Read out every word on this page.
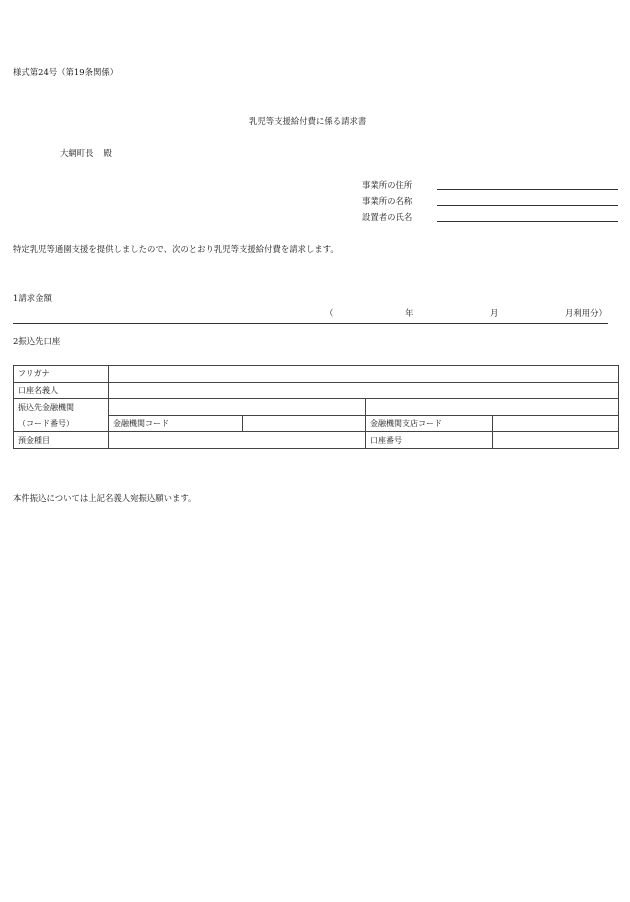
様式第24号（第19条関係）
乳児等支援給付費に係る請求書
大網町長 殿
事業所の住所
事業所の名称
設置者の氏名
特定乳児等通園支援を提供しましたので、次のとおり乳児等支援給付費を請求します。
1請求金額
（	年	月	月利用分）
2振込先口座
フリガナ				
口座名義人				
振込先金融機関				
（コード番号）	金融機関コード		金融機関支店コード	
預金種目			口座番号	
本件振込については上記名義人宛振込願います。
